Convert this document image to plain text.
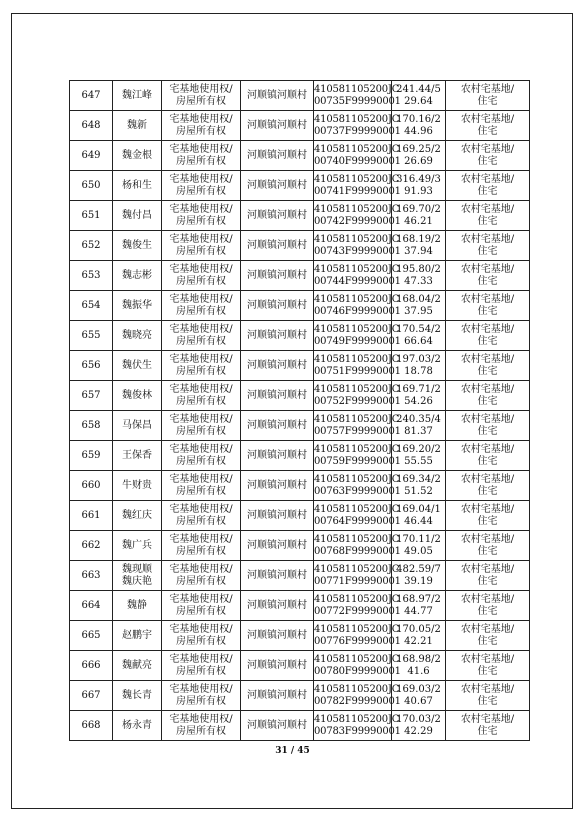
647	魏江峰	宅基地使用权/
房屋所有权	河顺镇河顺村	410581105200JC
00735F99990001	241.44/5
29.64	农村宅基地/
住宅

648	魏新	宅基地使用权/
房屋所有权	河顺镇河顺村	410581105200JC
00737F99990001	170.16/2
44.96	农村宅基地/
住宅

649	魏金根	宅基地使用权/
房屋所有权	河顺镇河顺村	410581105200JC
00740F99990001	169.25/2
26.69	农村宅基地/
住宅

650	杨和生	宅基地使用权/
房屋所有权	河顺镇河顺村	410581105200JC
00741F99990001	316.49/3
91.93	农村宅基地/
住宅

651	魏付昌	宅基地使用权/
房屋所有权	河顺镇河顺村	410581105200JC
00742F99990001	169.70/2
46.21	农村宅基地/
住宅

652	魏俊生	宅基地使用权/
房屋所有权	河顺镇河顺村	410581105200JC
00743F99990001	168.19/2
37.94	农村宅基地/
住宅

653	魏志彬	宅基地使用权/
房屋所有权	河顺镇河顺村	410581105200JC
00744F99990001	195.80/2
47.33	农村宅基地/
住宅

654	魏振华	宅基地使用权/
房屋所有权	河顺镇河顺村	410581105200JC
00746F99990001	168.04/2
37.95	农村宅基地/
住宅

655	魏晓亮	宅基地使用权/
房屋所有权	河顺镇河顺村	410581105200JC
00749F99990001	170.54/2
66.64	农村宅基地/
住宅

656	魏伏生	宅基地使用权/
房屋所有权	河顺镇河顺村	410581105200JC
00751F99990001	197.03/2
18.78	农村宅基地/
住宅

657	魏俊林	宅基地使用权/
房屋所有权	河顺镇河顺村	410581105200JC
00752F99990001	169.71/2
54.26	农村宅基地/
住宅

658	马保昌	宅基地使用权/
房屋所有权	河顺镇河顺村	410581105200JC
00757F99990001	240.35/4
81.37	农村宅基地/
住宅

659	王保香	宅基地使用权/
房屋所有权	河顺镇河顺村	410581105200JC
00759F99990001	169.20/2
55.55	农村宅基地/
住宅

660	牛财贵	宅基地使用权/
房屋所有权	河顺镇河顺村	410581105200JC
00763F99990001	169.34/2
51.52	农村宅基地/
住宅

661	魏红庆	宅基地使用权/
房屋所有权	河顺镇河顺村	410581105200JC
00764F99990001	169.04/1
46.44	农村宅基地/
住宅

662	魏广兵	宅基地使用权/
房屋所有权	河顺镇河顺村	410581105200JC
00768F99990001	170.11/2
49.05	农村宅基地/
住宅

663	魏现顺
魏庆艳	宅基地使用权/
房屋所有权	河顺镇河顺村	410581105200JC
00771F99990001	482.59/7
39.19	农村宅基地/
住宅

664	魏静	宅基地使用权/
房屋所有权	河顺镇河顺村	410581105200JC
00772F99990001	168.97/2
44.77	农村宅基地/
住宅

665	赵鹏宇	宅基地使用权/
房屋所有权	河顺镇河顺村	410581105200JC
00776F99990001	170.05/2
42.21	农村宅基地/
住宅

666	魏献亮	宅基地使用权/
房屋所有权	河顺镇河顺村	410581105200JC
00780F99990001	168.98/2
41.6	农村宅基地/
住宅

667	魏长青	宅基地使用权/
房屋所有权	河顺镇河顺村	410581105200JC
00782F99990001	169.03/2
40.67	农村宅基地/
住宅

668	杨永青	宅基地使用权/
房屋所有权	河顺镇河顺村	410581105200JC
00783F99990001	170.03/2
42.29	农村宅基地/
住宅
31 / 45
